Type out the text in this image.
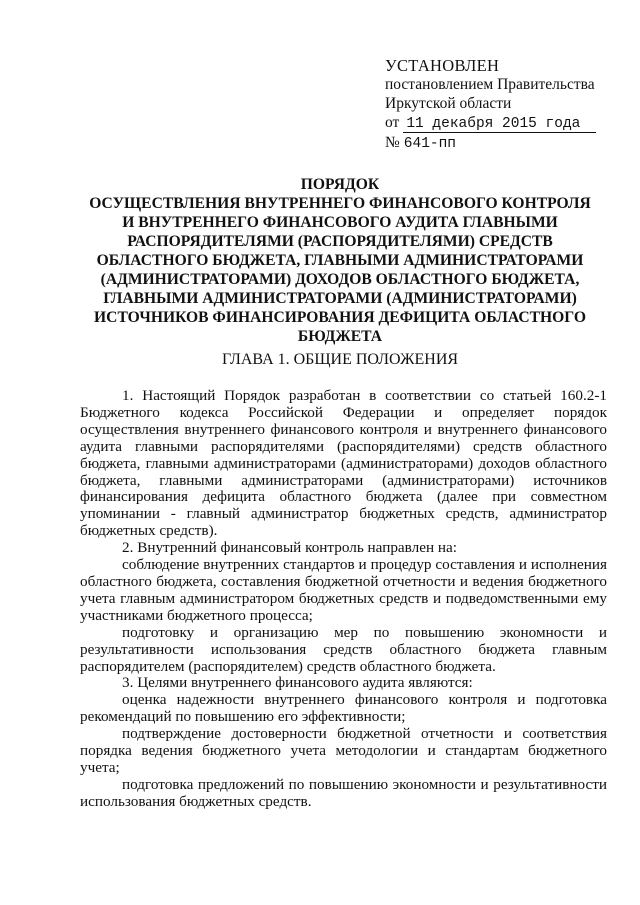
УСТАНОВЛЕН
постановлением Правительства
Иркутской области
от 11 декабря 2015 года
№ 641-пп
ПОРЯДОК
ОСУЩЕСТВЛЕНИЯ ВНУТРЕННЕГО ФИНАНСОВОГО КОНТРОЛЯ
И ВНУТРЕННЕГО ФИНАНСОВОГО АУДИТА ГЛАВНЫМИ
РАСПОРЯДИТЕЛЯМИ (РАСПОРЯДИТЕЛЯМИ) СРЕДСТВ
ОБЛАСТНОГО БЮДЖЕТА, ГЛАВНЫМИ АДМИНИСТРАТОРАМИ
(АДМИНИСТРАТОРАМИ) ДОХОДОВ ОБЛАСТНОГО БЮДЖЕТА,
ГЛАВНЫМИ АДМИНИСТРАТОРАМИ (АДМИНИСТРАТОРАМИ)
ИСТОЧНИКОВ ФИНАНСИРОВАНИЯ ДЕФИЦИТА ОБЛАСТНОГО
БЮДЖЕТА
ГЛАВА 1. ОБЩИЕ ПОЛОЖЕНИЯ

1. Настоящий Порядок разработан в соответствии со статьей 160.2-1 Бюджетного кодекса Российской Федерации и определяет порядок осуществления внутреннего финансового контроля и внутреннего финансового аудита главными распорядителями (распорядителями) средств областного бюджета, главными администраторами (администраторами) доходов областного бюджета, главными администраторами (администраторами) источников финансирования дефицита областного бюджета (далее при совместном упоминании - главный администратор бюджетных средств, администратор бюджетных средств).

2. Внутренний финансовый контроль направлен на:

соблюдение внутренних стандартов и процедур составления и исполнения областного бюджета, составления бюджетной отчетности и ведения бюджетного учета главным администратором бюджетных средств и подведомственными ему участниками бюджетного процесса;

подготовку и организацию мер по повышению экономности и результативности использования средств областного бюджета главным распорядителем (распорядителем) средств областного бюджета.

3. Целями внутреннего финансового аудита являются:

оценка надежности внутреннего финансового контроля и подготовка рекомендаций по повышению его эффективности;

подтверждение достоверности бюджетной отчетности и соответствия порядка ведения бюджетного учета методологии и стандартам бюджетного учета;

подготовка предложений по повышению экономности и результативности использования бюджетных средств.
